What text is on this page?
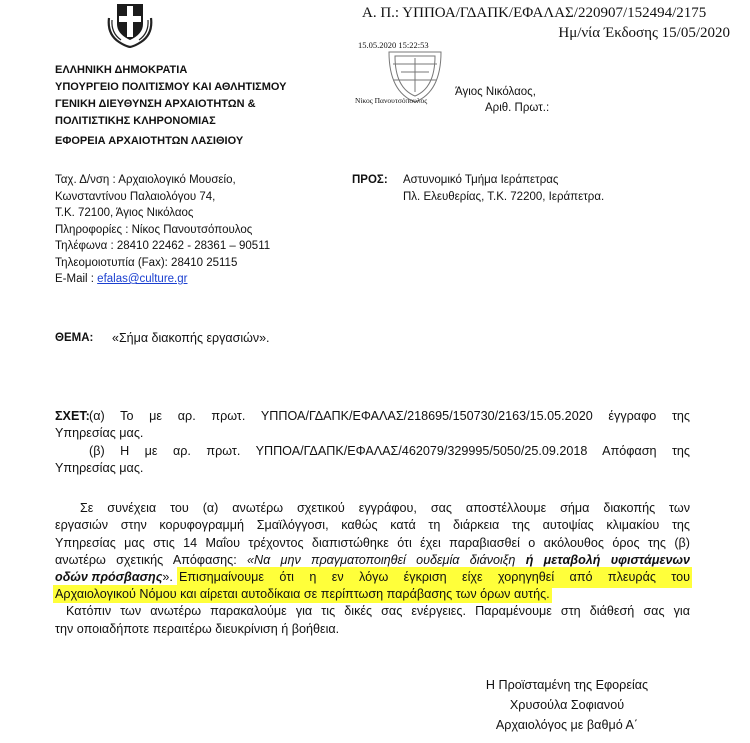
Α. Π.: ΥΠΠΟΑ/ΓΔΑΠΚ/ΕΦΑΛΑΣ/220907/152494/2175
Ημ/νία Έκδοσης 15/05/2020
15.05.2020 15:22:53
Νίκος Πανουτσόπουλος
Άγιος Νικόλαος,
Αριθ. Πρωτ.:
ΕΛΛΗΝΙΚΗ ΔΗΜΟΚΡΑΤΙΑ
ΥΠΟΥΡΓΕΙΟ ΠΟΛΙΤΙΣΜΟΥ ΚΑΙ ΑΘΛΗΤΙΣΜΟΥ
ΓΕΝΙΚΗ ΔΙΕΥΘΥΝΣΗ ΑΡΧΑΙΟΤΗΤΩΝ &
ΠΟΛΙΤΙΣΤΙΚΗΣ ΚΛΗΡΟΝΟΜΙΑΣ
ΕΦΟΡΕΙΑ ΑΡΧΑΙΟΤΗΤΩΝ ΛΑΣΙΘΙΟΥ
Ταχ. Δ/νση : Αρχαιολογικό Μουσείο,
Κωνσταντίνου Παλαιολόγου 74,
Τ.Κ. 72100, Άγιος Νικόλαος
Πληροφορίες : Νίκος Πανουτσόπουλος
Τηλέφωνα : 28410 22462 - 28361 – 90511
Τηλεομοιοτυπία (Fax): 28410 25115
E-Mail : efalas@culture.gr
ΠΡΟΣ: Αστυνομικό Τμήμα Ιεράπετρας
Πλ. Ελευθερίας, Τ.Κ. 72200, Ιεράπετρα.
ΘΕΜΑ: «Σήμα διακοπής εργασιών».
ΣΧΕΤ: (α) Το με αρ. πρωτ. ΥΠΠΟΑ/ΓΔΑΠΚ/ΕΦΑΛΑΣ/218695/150730/2163/15.05.2020 έγγραφο της
Υπηρεσίας μας.
(β) Η με αρ. πρωτ. ΥΠΠΟΑ/ΓΔΑΠΚ/ΕΦΑΛΑΣ/462079/329995/5050/25.09.2018 Απόφαση της
Υπηρεσίας μας.
Σε συνέχεια του (α) ανωτέρω σχετικού εγγράφου, σας αποστέλλουμε σήμα διακοπής των
εργασιών στην κορυφογραμμή Σμαϊλόγγοσι, καθώς κατά τη διάρκεια της αυτοψίας κλιμακίου της
Υπηρεσίας μας στις 14 Μαΐου τρέχοντος διαπιστώθηκε ότι έχει παραβιασθεί ο ακόλουθος όρος της (β)
ανωτέρω σχετικής Απόφασης: «Να μην πραγματοποιηθεί ουδεμία διάνοιξη ή μεταβολή υφιστάμενων
οδών πρόσβασης». Επισημαίνουμε ότι η εν λόγω έγκριση είχε χορηγηθεί από πλευράς του
Αρχαιολογικού Νόμου και αίρεται αυτοδίκαια σε περίπτωση παράβασης των όρων αυτής.
Κατόπιν των ανωτέρω παρακαλούμε για τις δικές σας ενέργειες. Παραμένουμε στη διάθεσή σας για
την οποιαδήποτε περαιτέρω διευκρίνιση ή βοήθεια.
Η Προϊσταμένη της Εφορείας
Χρυσούλα Σοφιανού
Αρχαιολόγος με βαθμό Α΄
